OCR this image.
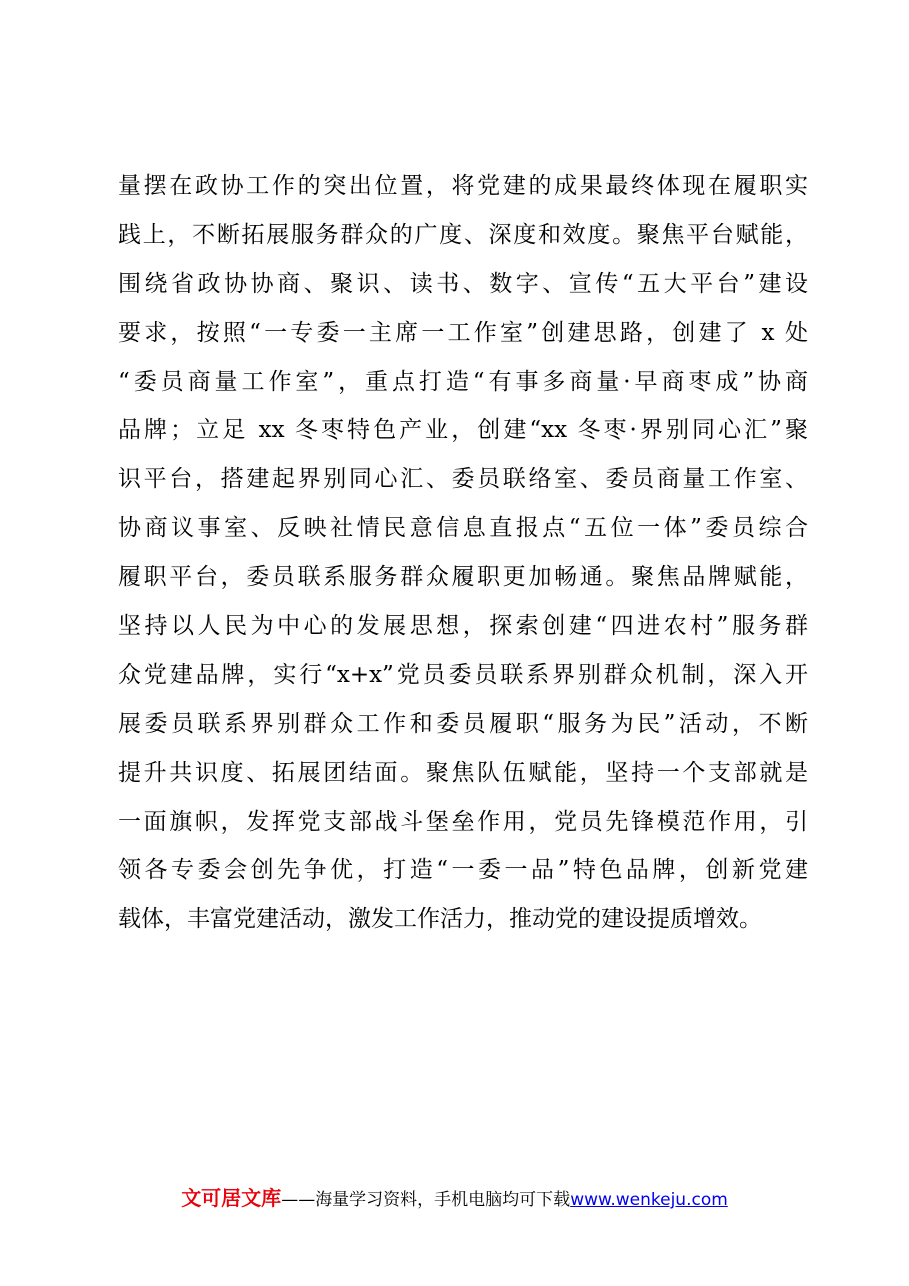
量摆在政协工作的突出位置，将党建的成果最终体现在履职实
践上，不断拓展服务群众的广度、深度和效度。聚焦平台赋能，
围绕省政协协商、聚识、读书、数字、宣传“五大平台”建设
要求，按照“一专委一主席一工作室”创建思路，创建了 x 处
“委员商量工作室”，重点打造“有事多商量·早商枣成”协商
品牌；立足 xx 冬枣特色产业，创建“xx 冬枣·界别同心汇”聚
识平台，搭建起界别同心汇、委员联络室、委员商量工作室、
协商议事室、反映社情民意信息直报点“五位一体”委员综合
履职平台，委员联系服务群众履职更加畅通。聚焦品牌赋能，
坚持以人民为中心的发展思想，探索创建“四进农村”服务群
众党建品牌，实行“x+x”党员委员联系界别群众机制，深入开
展委员联系界别群众工作和委员履职“服务为民”活动，不断
提升共识度、拓展团结面。聚焦队伍赋能，坚持一个支部就是
一面旗帜，发挥党支部战斗堡垒作用，党员先锋模范作用，引
领各专委会创先争优，打造“一委一品”特色品牌，创新党建
载体，丰富党建活动，激发工作活力，推动党的建设提质增效。
文可居文库——海量学习资料，手机电脑均可下载www.wenkeju.com
